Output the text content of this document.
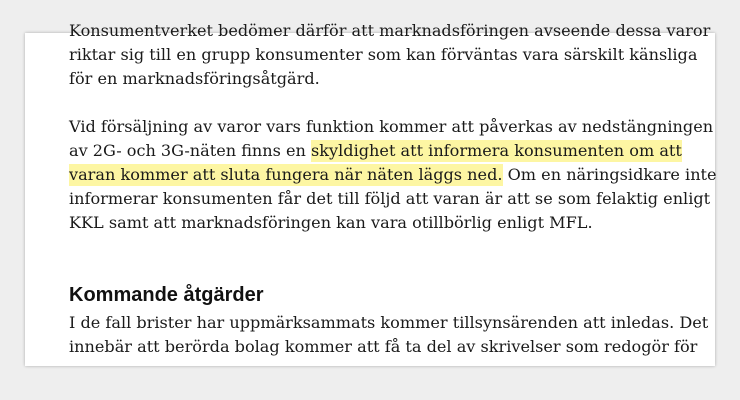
Konsumentverket bedömer därför att marknadsföringen avseende dessa varor
riktar sig till en grupp konsumenter som kan förväntas vara särskilt känsliga
för en marknadsföringsåtgärd.

Vid försäljning av varor vars funktion kommer att påverkas av nedstängningen
av 2G- och 3G-näten finns en skyldighet att informera konsumenten om att
varan kommer att sluta fungera när näten läggs ned. Om en näringsidkare inte
informerar konsumenten får det till följd att varan är att se som felaktig enligt
KKL samt att marknadsföringen kan vara otillbörlig enligt MFL.

Kommande åtgärder

I de fall brister har uppmärksammats kommer tillsynsärenden att inledas. Det
innebär att berörda bolag kommer att få ta del av skrivelser som redogör för
